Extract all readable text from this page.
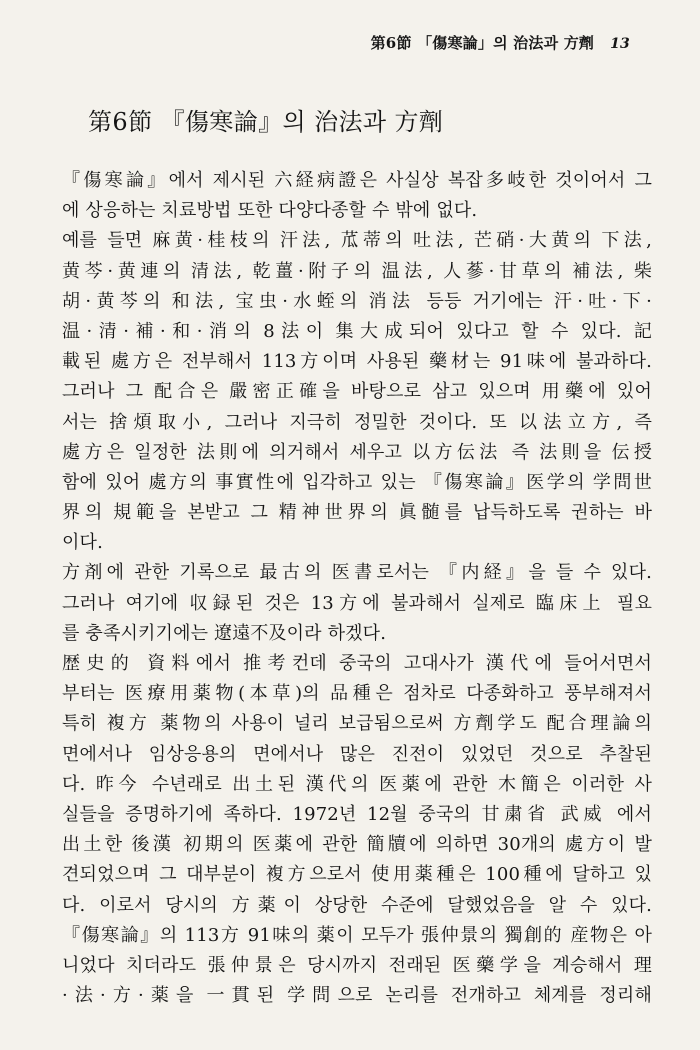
第6節 「傷寒論」의 治法과 方劑 13
第6節 『傷寒論』의 治法과 方劑
『傷寒論』에서 제시된 六経病證은 사실상 복잡多岐한 것이어서 그
에 상응하는 치료방법 또한 다양다종할 수 밖에 없다.
예를 들면 麻黄·桂枝의 汗法, 苽蒂의 吐法, 芒硝·大黄의 下法,
黄芩·黄連의 清法, 乾薑·附子의 温法, 人蔘·甘草의 補法, 柴
胡·黄芩의 和法, 宝虫·水蛭의 消法 등등 거기에는 汗·吐·下·
温·清·補·和·消의 8法이 集大成되어 있다고 할 수 있다. 記
載된 處方은 전부해서 113方이며 사용된 藥材는 91味에 불과하다.
그러나 그 配合은 嚴密正確을 바탕으로 삼고 있으며 用藥에 있어
서는 捨煩取小, 그러나 지극히 정밀한 것이다. 또 以法立方, 즉
處方은 일정한 法則에 의거해서 세우고 以方伝法 즉 法則을 伝授
함에 있어 處方의 事實性에 입각하고 있는 『傷寒論』医学의 学問世
界의 規範을 본받고 그 精神世界의 眞髄를 납득하도록 권하는 바
이다.
方剤에 관한 기록으로 最古의 医書로서는 『内経』을 들 수 있다.
그러나 여기에 収録된 것은 13方에 불과해서 실제로 臨床上 필요
를 충족시키기에는 遼遠不及이라 하겠다.
歴史的 資料에서 推考컨데 중국의 고대사가 漢代에 들어서면서
부터는 医療用薬物(本草)의 品種은 점차로 다종화하고 풍부해져서
특히 複方 薬物의 사용이 널리 보급됨으로써 方劑学도 配合理論의
면에서나 임상응용의 면에서나 많은 진전이 있었던 것으로 추찰된
다. 昨今 수년래로 出土된 漢代의 医薬에 관한 木簡은 이러한 사
실들을 증명하기에 족하다. 1972년 12월 중국의 甘粛省 武威 에서
出土한 後漢 初期의 医薬에 관한 簡牘에 의하면 30개의 處方이 발
견되었으며 그 대부분이 複方으로서 使用薬種은 100種에 달하고 있
다. 이로서 당시의 方薬이 상당한 수준에 달했었음을 알 수 있다.
『傷寒論』의 113方 91味의 薬이 모두가 張仲景의 獨創的 産物은 아
니었다 치더라도 張仲景은 당시까지 전래된 医藥学을 계승해서 理
·法·方·薬을 一貫된 学問으로 논리를 전개하고 체계를 정리해
